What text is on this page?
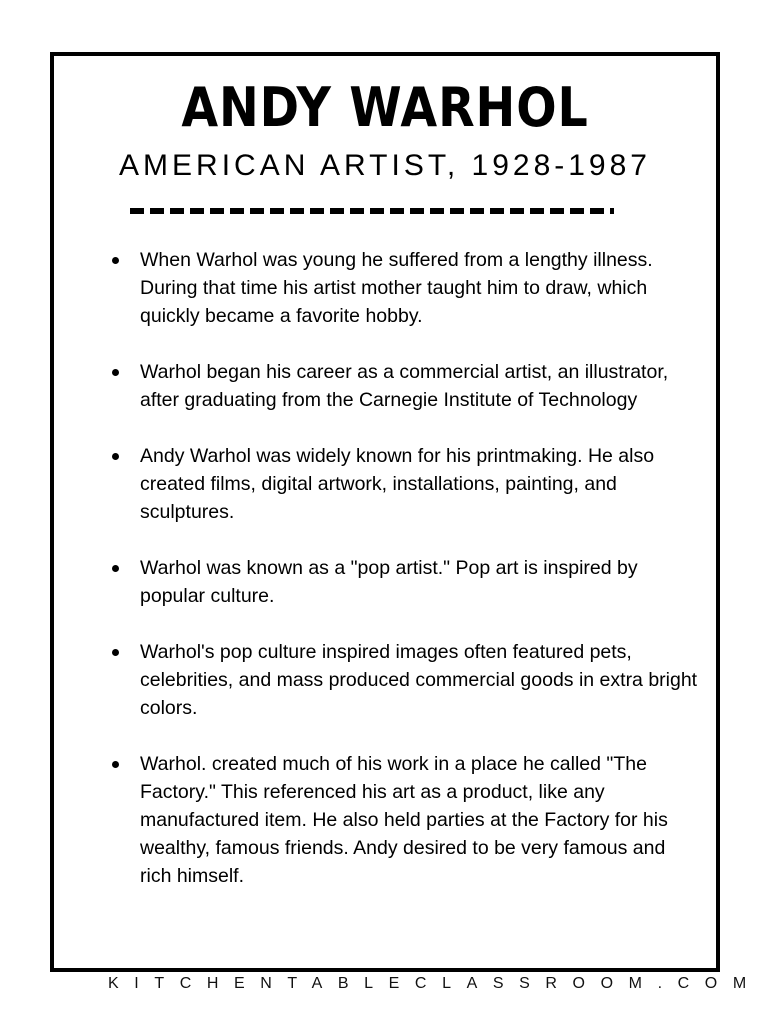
ANDY WARHOL
AMERICAN ARTIST, 1928-1987
When Warhol was young he suffered from a lengthy illness. During that time his artist mother taught him to draw, which quickly became a favorite hobby.
Warhol began his career as a commercial artist, an illustrator, after graduating from the Carnegie Institute of Technology
Andy Warhol was widely known for his printmaking. He also created films, digital artwork, installations, painting, and sculptures.
Warhol was known as a "pop artist." Pop art is inspired by popular culture.
Warhol's pop culture inspired images often featured pets, celebrities, and mass produced commercial goods in extra bright colors.
Warhol. created much of his work in a place he called "The Factory." This referenced his art as a product, like any manufactured item. He also held parties at the Factory for his wealthy, famous friends. Andy desired to be very famous and rich himself.
KITCHENTABLECLASSROOM.COM
